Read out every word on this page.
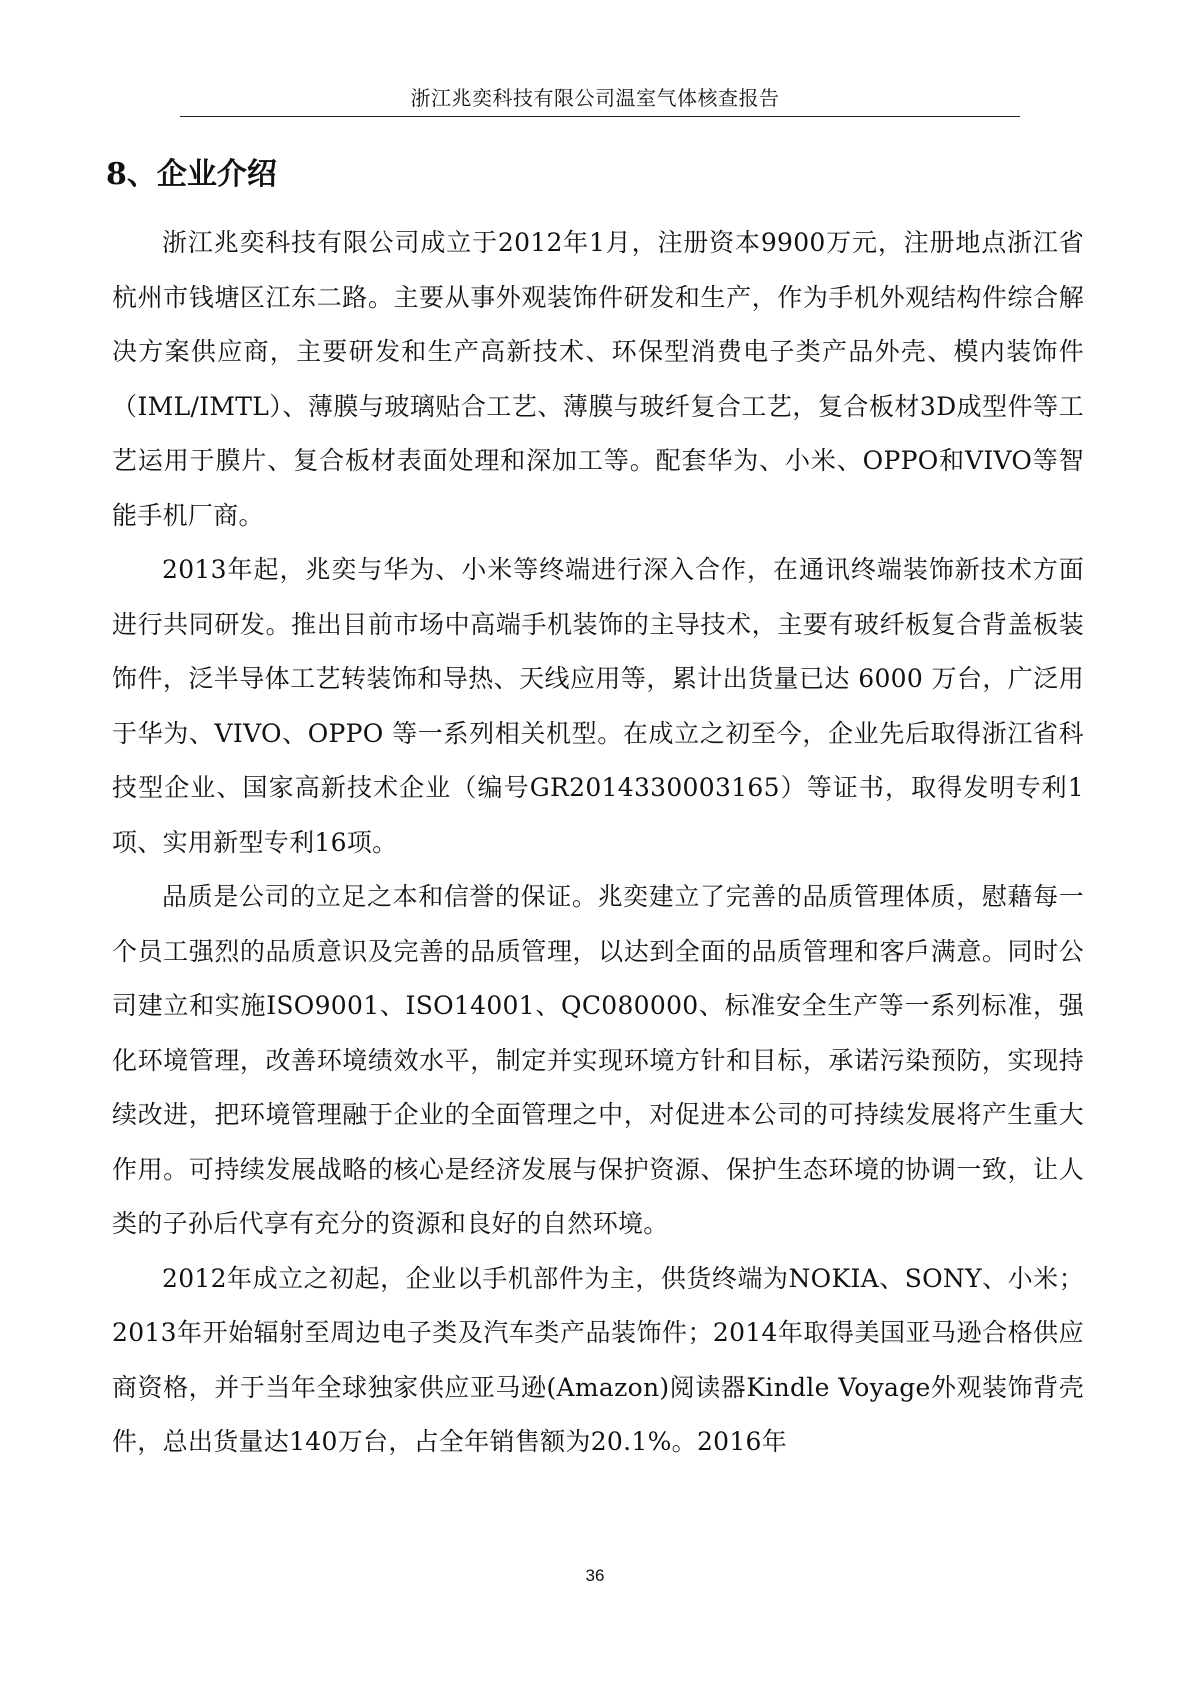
浙江兆奕科技有限公司温室气体核查报告
8、企业介绍

浙江兆奕科技有限公司成立于2012年1月，注册资本9900万元，注册地点浙江省杭州市钱塘区江东二路。主要从事外观装饰件研发和生产，作为手机外观结构件综合解决方案供应商，主要研发和生产高新技术、环保型消费电子类产品外壳、模内装饰件（IML/IMTL）、薄膜与玻璃贴合工艺、薄膜与玻纤复合工艺，复合板材3D成型件等工艺运用于膜片、复合板材表面处理和深加工等。配套华为、小米、OPPO和VIVO等智能手机厂商。

2013年起，兆奕与华为、小米等终端进行深入合作，在通讯终端装饰新技术方面进行共同研发。推出目前市场中高端手机装饰的主导技术，主要有玻纤板复合背盖板装饰件，泛半导体工艺转装饰和导热、天线应用等，累计出货量已达 6000 万台，广泛用于华为、VIVO、OPPO 等一系列相关机型。在成立之初至今，企业先后取得浙江省科技型企业、国家高新技术企业（编号GR201433000316​5）等证书，取得发明专利1项、实用新型专利16项。

品质是公司的立足之本和信誉的保证。兆奕建立了完善的品质管理体质，慰藉每一个员工强烈的品质意识及完善的品质管理，以达到全面的品质管理和客戶满意。同时公司建立和实施ISO9001、ISO14001、QC080000、标准安全生产等一系列标准，强化环境管理，改善环境绩效水平，制定并实现环境方针和目标，承诺污染预防，实现持续改进，把环境管理融于企业的全面管理之中，对促进本公司的可持续发展将产生重大作用。可持续发展战略的核心是经济发展与保护资源、保护生态环境的协调一致，让人类的子孙后代享有充分的资源和良好的自然环境。

2012年成立之初起，企业以手机部件为主，供货终端为NOKIA、SONY、小米；2013年开始辐射至周边电子类及汽车类产品装饰件；2014年取得美国亚马逊合格供应商资格，并于当年全球独家供应亚马逊(Amazon)阅读器Kindle Voyage外观装饰背壳件，总出货量达140万台，占全年销售额为20.1%。2016年

36
